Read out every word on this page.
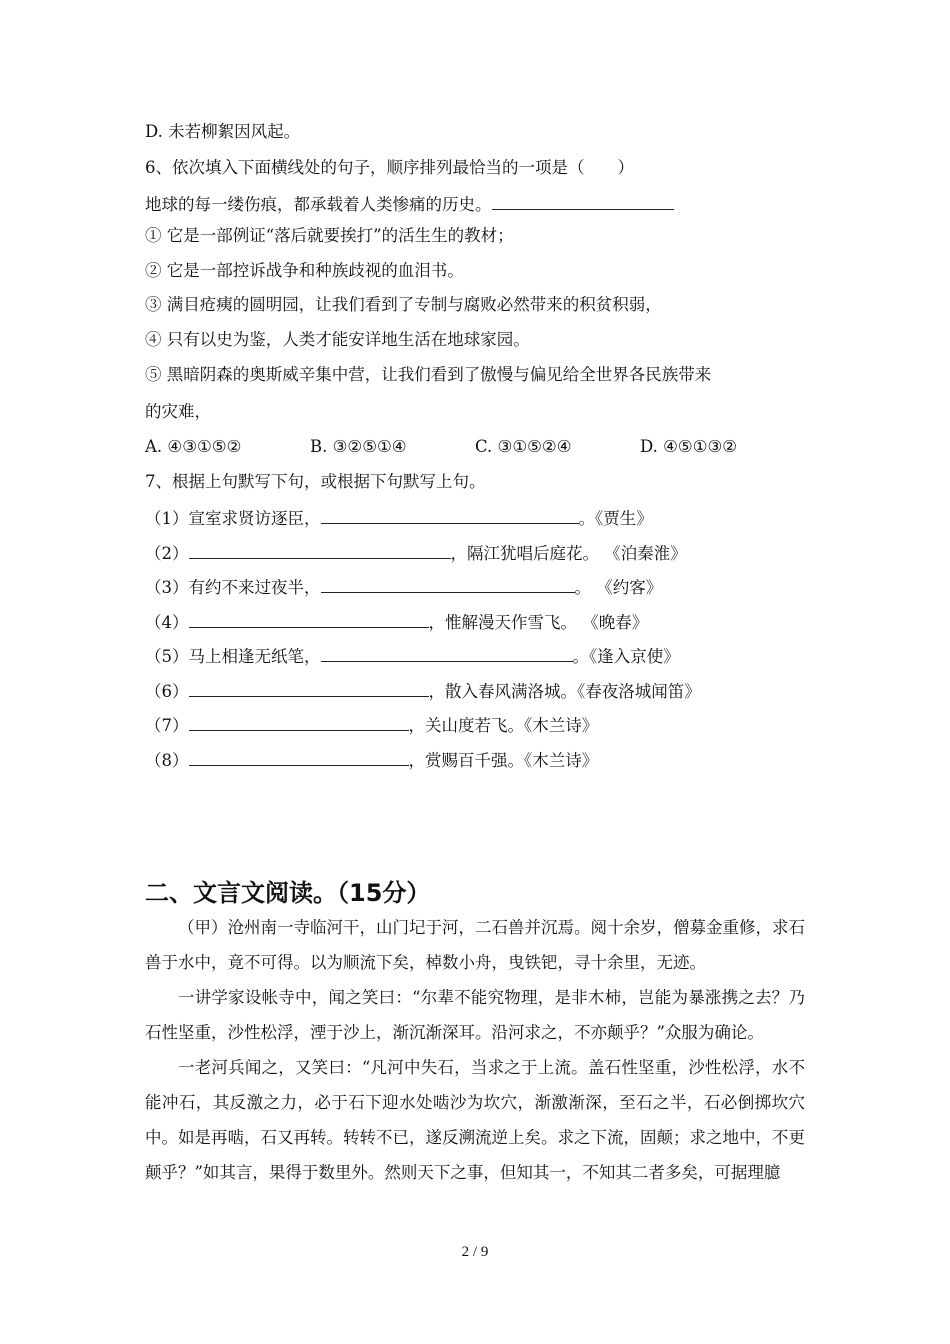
D. 未若柳絮因风起。
6、依次填入下面横线处的句子，顺序排列最恰当的一项是（　　）
地球的每一缕伤痕，都承载着人类惨痛的历史。
① 它是一部例证“落后就要挨打”的活生生的教材；
② 它是一部控诉战争和种族歧视的血泪书。
③ 满目疮痍的圆明园，让我们看到了专制与腐败必然带来的积贫积弱，
④ 只有以史为鉴，人类才能安详地生活在地球家园。
⑤ 黑暗阴森的奥斯威辛集中营，让我们看到了傲慢与偏见给全世界各民族带来
的灾难，
A. ④③①⑤②	B. ③②⑤①④	C. ③①⑤②④	D. ④⑤①③②
7、根据上句默写下句，或根据下句默写上句。
（1）宣室求贤访逐臣，	。《贾生》
（2）	，隔江犹唱后庭花。 《泊秦淮》
（3）有约不来过夜半，	。 《约客》
（4）	，惟解漫天作雪飞。 《晚春》
（5）马上相逢无纸笔，	。《逢入京使》
（6）	，散入春风满洛城。《春夜洛城闻笛》
（7）	，关山度若飞。《木兰诗》
（8）	，赏赐百千强。《木兰诗》
二、文言文阅读。（15分）

（甲）沧州南一寺临河干，山门圮于河，二石兽并沉焉。阅十余岁，僧募金重修，求石兽于水中，竟不可得。以为顺流下矣，棹数小舟，曳铁钯，寻十余里，无迹。

一讲学家设帐寺中，闻之笑曰：“尔辈不能究物理，是非木柿，岂能为暴涨携之去？乃石性坚重，沙性松浮，湮于沙上，渐沉渐深耳。沿河求之，不亦颠乎？”众服为确论。

一老河兵闻之，又笑曰：“凡河中失石，当求之于上流。盖石性坚重，沙性松浮，水不能冲石，其反激之力，必于石下迎水处啮沙为坎穴，渐激渐深，至石之半，石必倒掷坎穴中。如是再啮，石又再转。转转不已，遂反溯流逆上矣。求之下流，固颠；求之地中，不更颠乎？”如其言，果得于数里外。然则天下之事，但知其一，不知其二者多矣，可据理臆

2 / 9
